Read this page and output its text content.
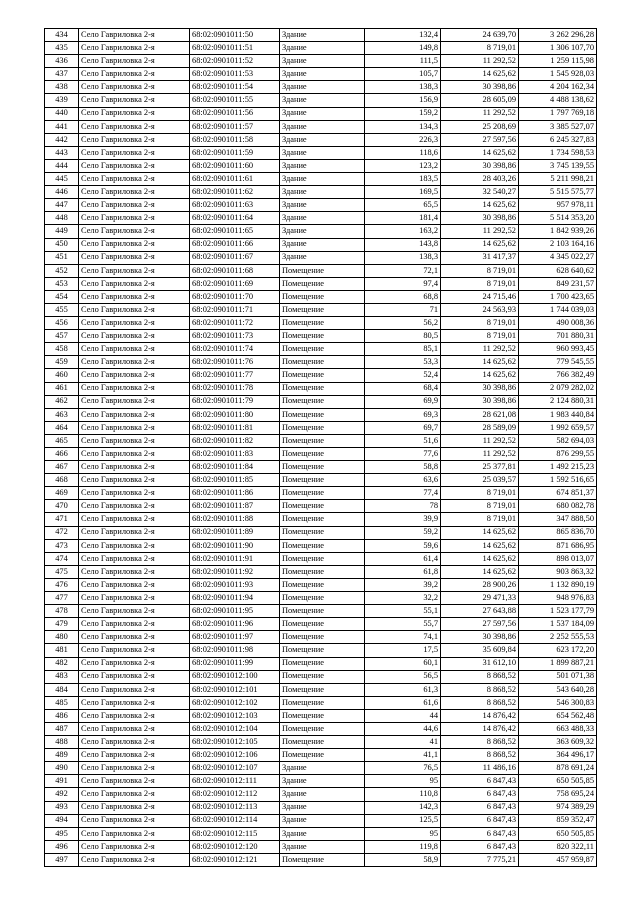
434	Село Гавриловка 2-я	68:02:0901011:50	Здание	132,4	24 639,70	3 262 296,28
435	Село Гавриловка 2-я	68:02:0901011:51	Здание	149,8	8 719,01	1 306 107,70
436	Село Гавриловка 2-я	68:02:0901011:52	Здание	111,5	11 292,52	1 259 115,98
437	Село Гавриловка 2-я	68:02:0901011:53	Здание	105,7	14 625,62	1 545 928,03
438	Село Гавриловка 2-я	68:02:0901011:54	Здание	138,3	30 398,86	4 204 162,34
439	Село Гавриловка 2-я	68:02:0901011:55	Здание	156,9	28 605,09	4 488 138,62
440	Село Гавриловка 2-я	68:02:0901011:56	Здание	159,2	11 292,52	1 797 769,18
441	Село Гавриловка 2-я	68:02:0901011:57	Здание	134,3	25 208,69	3 385 527,07
442	Село Гавриловка 2-я	68:02:0901011:58	Здание	226,3	27 597,56	6 245 327,83
443	Село Гавриловка 2-я	68:02:0901011:59	Здание	118,6	14 625,62	1 734 598,53
444	Село Гавриловка 2-я	68:02:0901011:60	Здание	123,2	30 398,86	3 745 139,55
445	Село Гавриловка 2-я	68:02:0901011:61	Здание	183,5	28 403,26	5 211 998,21
446	Село Гавриловка 2-я	68:02:0901011:62	Здание	169,5	32 540,27	5 515 575,77
447	Село Гавриловка 2-я	68:02:0901011:63	Здание	65,5	14 625,62	957 978,11
448	Село Гавриловка 2-я	68:02:0901011:64	Здание	181,4	30 398,86	5 514 353,20
449	Село Гавриловка 2-я	68:02:0901011:65	Здание	163,2	11 292,52	1 842 939,26
450	Село Гавриловка 2-я	68:02:0901011:66	Здание	143,8	14 625,62	2 103 164,16
451	Село Гавриловка 2-я	68:02:0901011:67	Здание	138,3	31 417,37	4 345 022,27
452	Село Гавриловка 2-я	68:02:0901011:68	Помещение	72,1	8 719,01	628 640,62
453	Село Гавриловка 2-я	68:02:0901011:69	Помещение	97,4	8 719,01	849 231,57
454	Село Гавриловка 2-я	68:02:0901011:70	Помещение	68,8	24 715,46	1 700 423,65
455	Село Гавриловка 2-я	68:02:0901011:71	Помещение	71	24 563,93	1 744 039,03
456	Село Гавриловка 2-я	68:02:0901011:72	Помещение	56,2	8 719,01	490 008,36
457	Село Гавриловка 2-я	68:02:0901011:73	Помещение	80,5	8 719,01	701 880,31
458	Село Гавриловка 2-я	68:02:0901011:74	Помещение	85,1	11 292,52	960 993,45
459	Село Гавриловка 2-я	68:02:0901011:76	Помещение	53,3	14 625,62	779 545,55
460	Село Гавриловка 2-я	68:02:0901011:77	Помещение	52,4	14 625,62	766 382,49
461	Село Гавриловка 2-я	68:02:0901011:78	Помещение	68,4	30 398,86	2 079 282,02
462	Село Гавриловка 2-я	68:02:0901011:79	Помещение	69,9	30 398,86	2 124 880,31
463	Село Гавриловка 2-я	68:02:0901011:80	Помещение	69,3	28 621,08	1 983 440,84
464	Село Гавриловка 2-я	68:02:0901011:81	Помещение	69,7	28 589,09	1 992 659,57
465	Село Гавриловка 2-я	68:02:0901011:82	Помещение	51,6	11 292,52	582 694,03
466	Село Гавриловка 2-я	68:02:0901011:83	Помещение	77,6	11 292,52	876 299,55
467	Село Гавриловка 2-я	68:02:0901011:84	Помещение	58,8	25 377,81	1 492 215,23
468	Село Гавриловка 2-я	68:02:0901011:85	Помещение	63,6	25 039,57	1 592 516,65
469	Село Гавриловка 2-я	68:02:0901011:86	Помещение	77,4	8 719,01	674 851,37
470	Село Гавриловка 2-я	68:02:0901011:87	Помещение	78	8 719,01	680 082,78
471	Село Гавриловка 2-я	68:02:0901011:88	Помещение	39,9	8 719,01	347 888,50
472	Село Гавриловка 2-я	68:02:0901011:89	Помещение	59,2	14 625,62	865 836,70
473	Село Гавриловка 2-я	68:02:0901011:90	Помещение	59,6	14 625,62	871 686,95
474	Село Гавриловка 2-я	68:02:0901011:91	Помещение	61,4	14 625,62	898 013,07
475	Село Гавриловка 2-я	68:02:0901011:92	Помещение	61,8	14 625,62	903 863,32
476	Село Гавриловка 2-я	68:02:0901011:93	Помещение	39,2	28 900,26	1 132 890,19
477	Село Гавриловка 2-я	68:02:0901011:94	Помещение	32,2	29 471,33	948 976,83
478	Село Гавриловка 2-я	68:02:0901011:95	Помещение	55,1	27 643,88	1 523 177,79
479	Село Гавриловка 2-я	68:02:0901011:96	Помещение	55,7	27 597,56	1 537 184,09
480	Село Гавриловка 2-я	68:02:0901011:97	Помещение	74,1	30 398,86	2 252 555,53
481	Село Гавриловка 2-я	68:02:0901011:98	Помещение	17,5	35 609,84	623 172,20
482	Село Гавриловка 2-я	68:02:0901011:99	Помещение	60,1	31 612,10	1 899 887,21
483	Село Гавриловка 2-я	68:02:0901012:100	Помещение	56,5	8 868,52	501 071,38
484	Село Гавриловка 2-я	68:02:0901012:101	Помещение	61,3	8 868,52	543 640,28
485	Село Гавриловка 2-я	68:02:0901012:102	Помещение	61,6	8 868,52	546 300,83
486	Село Гавриловка 2-я	68:02:0901012:103	Помещение	44	14 876,42	654 562,48
487	Село Гавриловка 2-я	68:02:0901012:104	Помещение	44,6	14 876,42	663 488,33
488	Село Гавриловка 2-я	68:02:0901012:105	Помещение	41	8 868,52	363 609,32
489	Село Гавриловка 2-я	68:02:0901012:106	Помещение	41,1	8 868,52	364 496,17
490	Село Гавриловка 2-я	68:02:0901012:107	Здание	76,5	11 486,16	878 691,24
491	Село Гавриловка 2-я	68:02:0901012:111	Здание	95	6 847,43	650 505,85
492	Село Гавриловка 2-я	68:02:0901012:112	Здание	110,8	6 847,43	758 695,24
493	Село Гавриловка 2-я	68:02:0901012:113	Здание	142,3	6 847,43	974 389,29
494	Село Гавриловка 2-я	68:02:0901012:114	Здание	125,5	6 847,43	859 352,47
495	Село Гавриловка 2-я	68:02:0901012:115	Здание	95	6 847,43	650 505,85
496	Село Гавриловка 2-я	68:02:0901012:120	Здание	119,8	6 847,43	820 322,11
497	Село Гавриловка 2-я	68:02:0901012:121	Помещение	58,9	7 775,21	457 959,87
